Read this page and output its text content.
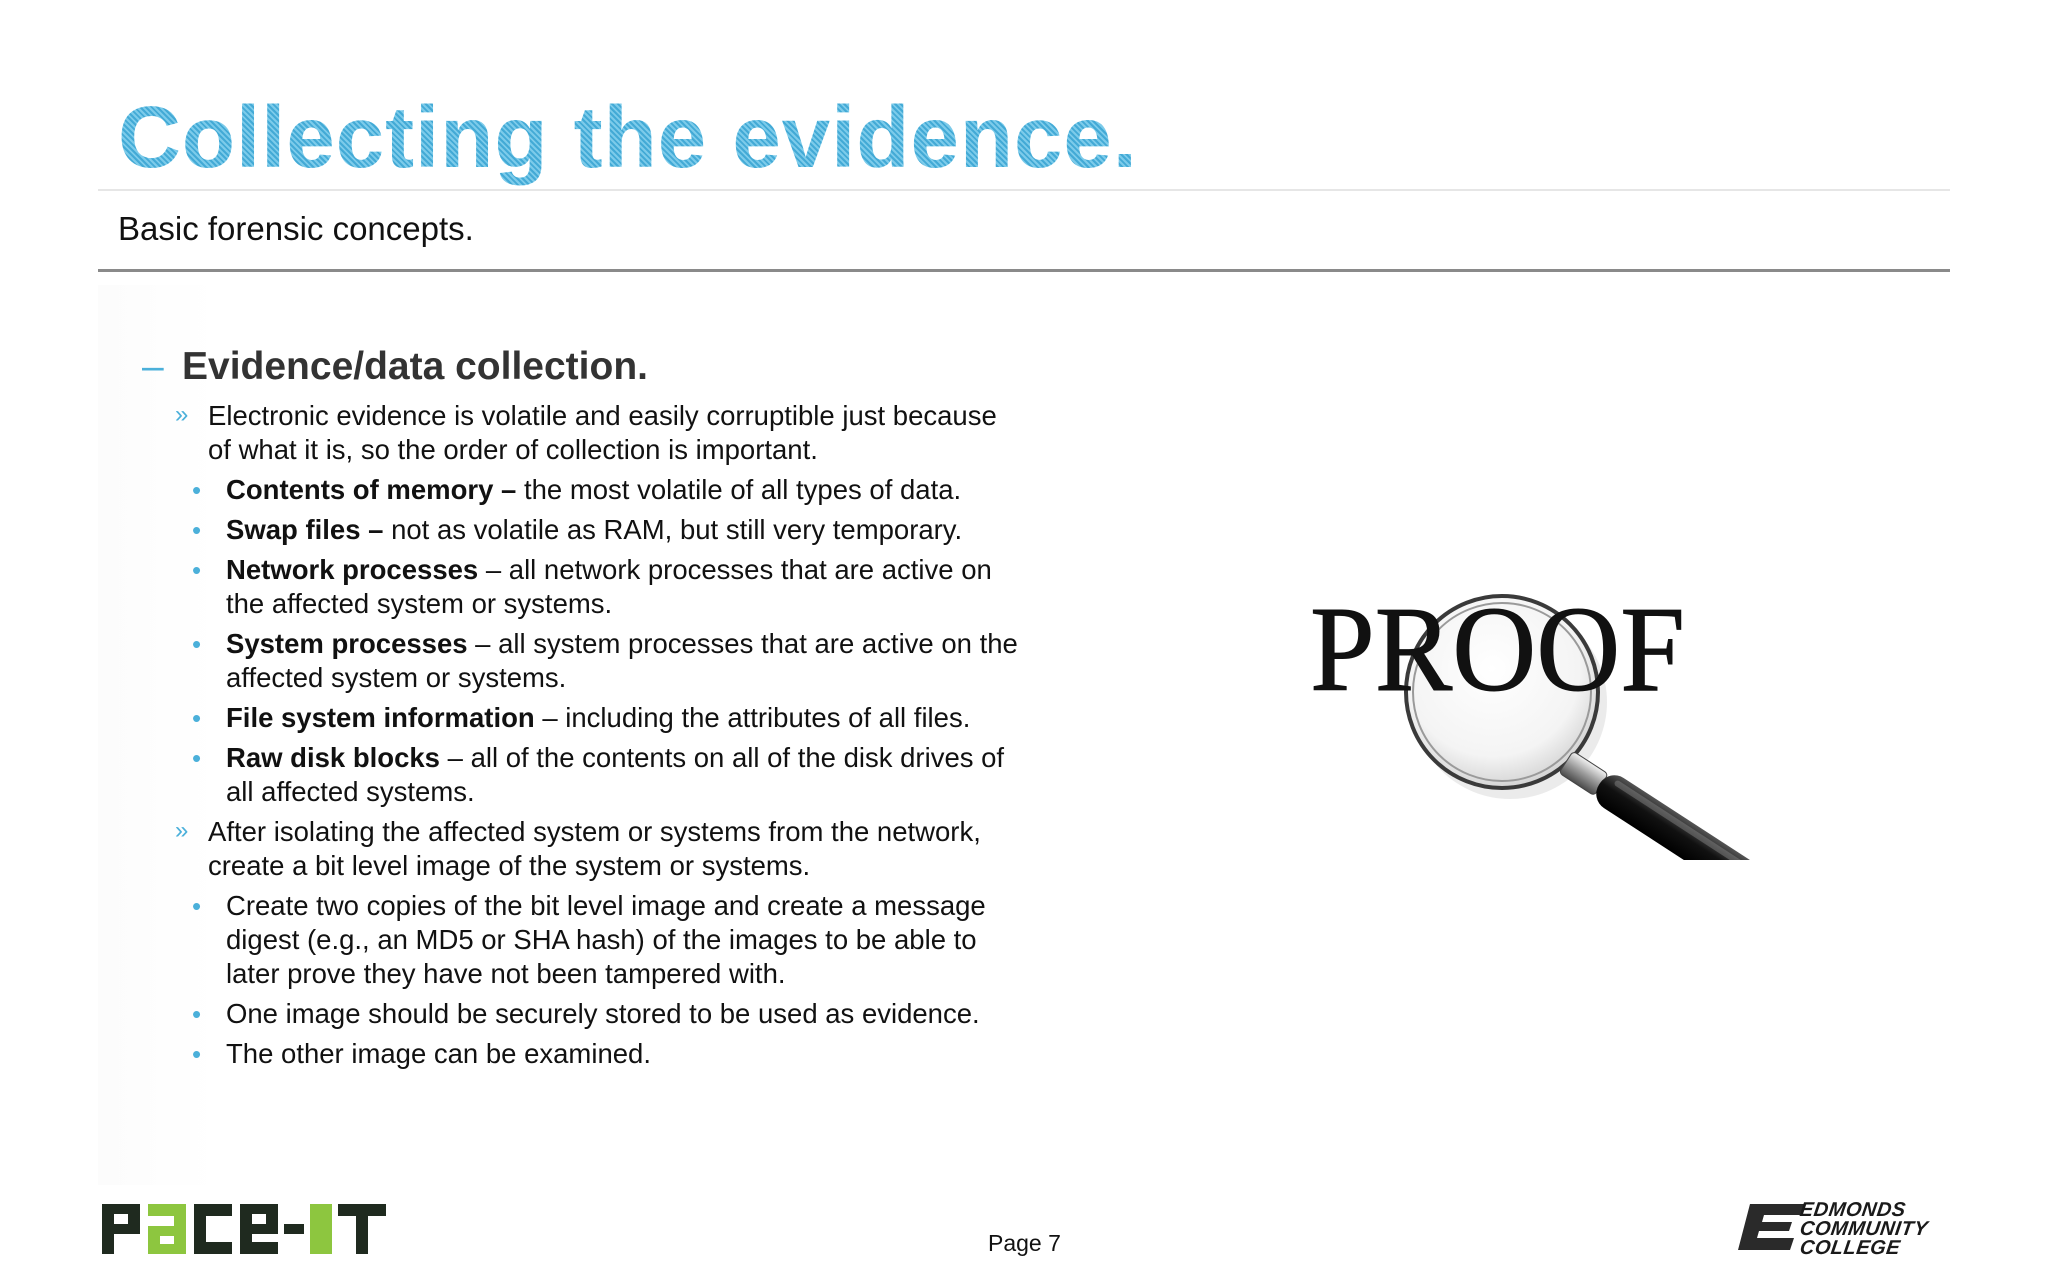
Collecting the evidence.
Basic forensic concepts.
– Evidence/data collection.
» Electronic evidence is volatile and easily corruptible just because of what it is, so the order of collection is important.
• Contents of memory – the most volatile of all types of data.
• Swap files – not as volatile as RAM, but still very temporary.
• Network processes – all network processes that are active on the affected system or systems.
• System processes – all system processes that are active on the affected system or systems.
• File system information – including the attributes of all files.
• Raw disk blocks – all of the contents on all of the disk drives of all affected systems.
» After isolating the affected system or systems from the network, create a bit level image of the system or systems.
• Create two copies of the bit level image and create a message digest (e.g., an MD5 or SHA hash) of the images to be able to later prove they have not been tampered with.
• One image should be securely stored to be used as evidence.
• The other image can be examined.
PROOF
Page 7
EDMONDS
COMMUNITY
COLLEGE
